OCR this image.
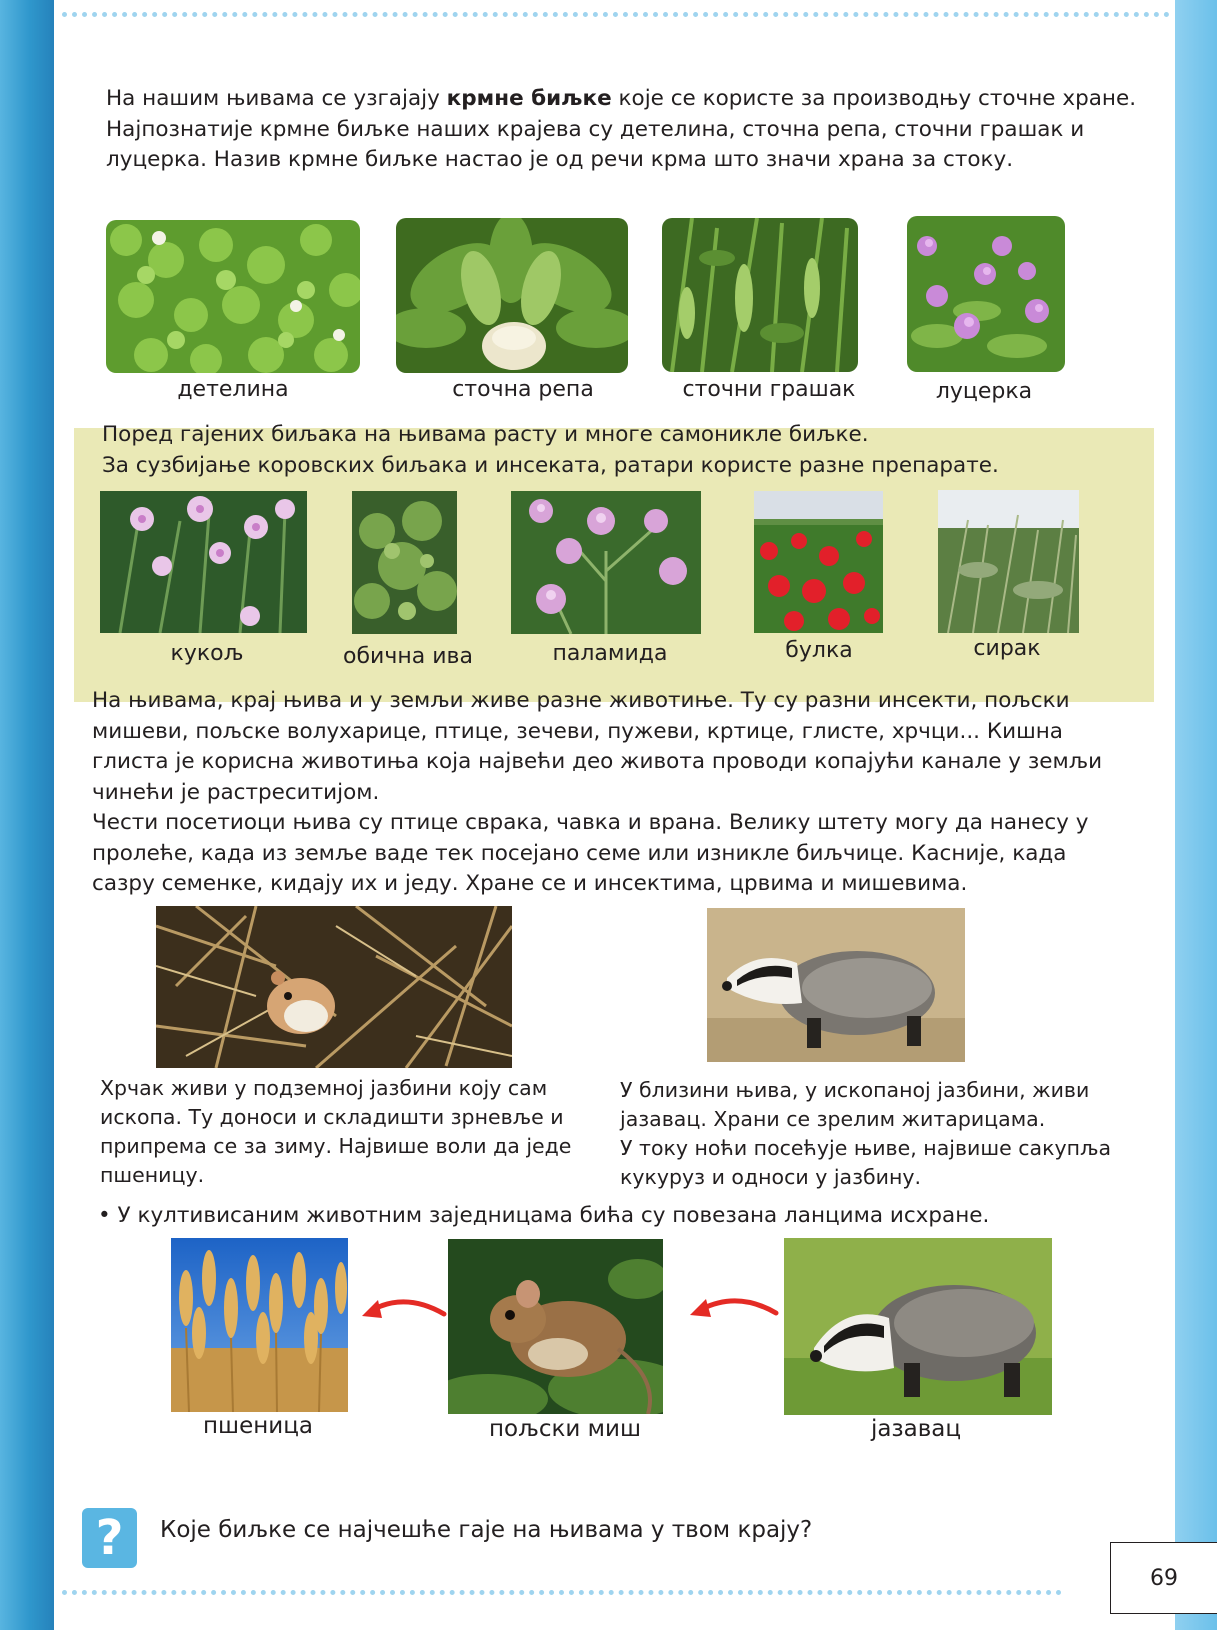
На нашим њивама се узгајају крмне биљке које се користе за производњу сточне хране.
Најпознатије крмне биљке наших крајева су детелина, сточна репа, сточни грашак и
луцерка. Назив крмне биљке настао је од речи крма што значи храна за стоку.
детелина	сточна репа	сточни грашак	луцерка
Поред гајених биљака на њивама расту и многе самоникле биљке.
За сузбијање коровских биљака и инсеката, ратари користе разне препарате.
кукољ	обична ива	паламида	булка	сирак
На њивама, крај њива и у земљи живе разне животиње. Ту су разни инсекти, пољски
мишеви, пољске волухарице, птице, зечеви, пужеви, кртице, глисте, хрчци... Кишна
глиста је корисна животиња која највећи део живота проводи копајући канале у земљи
чинећи је растреситијом.
Чести посетиоци њива су птице сврака, чавка и врана. Велику штету могу да нанесу у
пролеће, када из земље ваде тек посејано семе или изникле биљчице. Касније, када
сазру семенке, кидају их и једу. Хране се и инсектима, црвима и мишевима.
Хрчак живи у подземној јазбини коју сам
ископа. Ту доноси и складишти зрневље и
припрема се за зиму. Највише воли да једе
пшеницу.
У близини њива, у ископаној јазбини, живи
јазавац. Храни се зрелим житарицама.
У току ноћи посећује њиве, највише сакупља
кукуруз и односи у јазбину.
• У култивисаним животним заједницама бића су повезана ланцима исхране.
пшеница	пољски миш	јазавац
?	Које биљке се најчешће гаје на њивама у твом крају?
69
